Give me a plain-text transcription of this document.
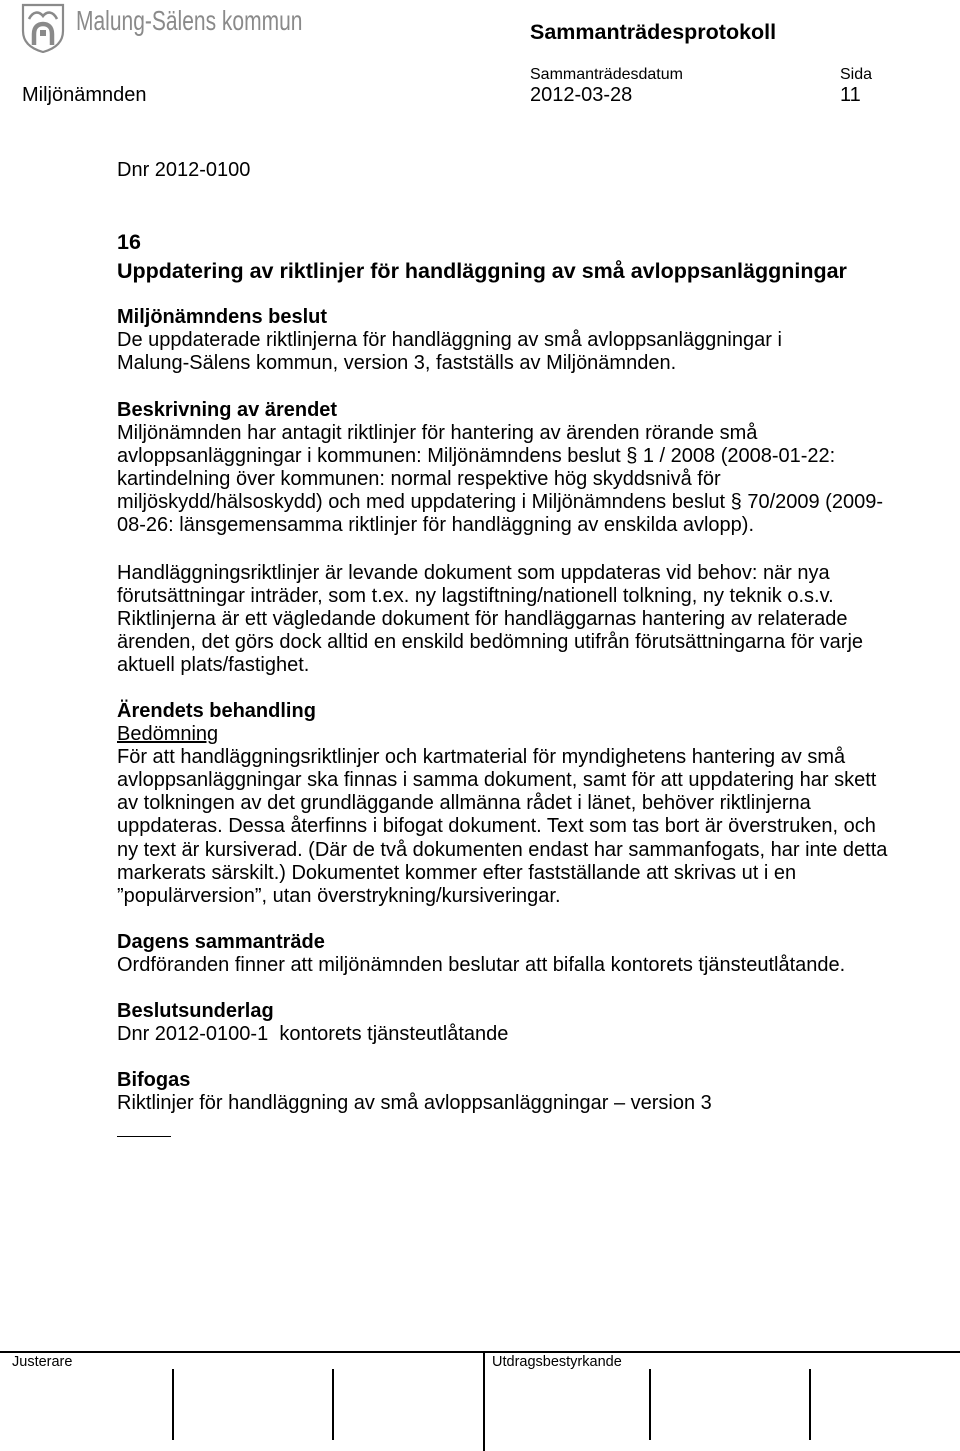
Malung-Sälens kommun	Sammanträdesprotokoll
Sammanträdesdatum	Sida
Miljönämnden	2012-03-28	11
Dnr 2012-0100
16
Uppdatering av riktlinjer för handläggning av små avloppsanläggningar
Miljönämndens beslut
De uppdaterade riktlinjerna för handläggning av små avloppsanläggningar i
Malung-Sälens kommun, version 3, fastställs av Miljönämnden.
Beskrivning av ärendet
Miljönämnden har antagit riktlinjer för hantering av ärenden rörande små
avloppsanläggningar i kommunen: Miljönämndens beslut § 1 / 2008 (2008-01-22:
kartindelning över kommunen: normal respektive hög skyddsnivå för
miljöskydd/hälsoskydd) och med uppdatering i Miljönämndens beslut § 70/2009 (2009-
08-26: länsgemensamma riktlinjer för handläggning av enskilda avlopp).
Handläggningsriktlinjer är levande dokument som uppdateras vid behov: när nya
förutsättningar inträder, som t.ex. ny lagstiftning/nationell tolkning, ny teknik o.s.v.
Riktlinjerna är ett vägledande dokument för handläggarnas hantering av relaterade
ärenden, det görs dock alltid en enskild bedömning utifrån förutsättningarna för varje
aktuell plats/fastighet.
Ärendets behandling
Bedömning
För att handläggningsriktlinjer och kartmaterial för myndighetens hantering av små
avloppsanläggningar ska finnas i samma dokument, samt för att uppdatering har skett
av tolkningen av det grundläggande allmänna rådet i länet, behöver riktlinjerna
uppdateras. Dessa återfinns i bifogat dokument. Text som tas bort är överstruken, och
ny text är kursiverad. (Där de två dokumenten endast har sammanfogats, har inte detta
markerats särskilt.) Dokumentet kommer efter fastställande att skrivas ut i en
”populärversion”, utan överstrykning/kursiveringar.
Dagens sammanträde
Ordföranden finner att miljönämnden beslutar att bifalla kontorets tjänsteutlåtande.
Beslutsunderlag
Dnr 2012-0100-1  kontorets tjänsteutlåtande
Bifogas
Riktlinjer för handläggning av små avloppsanläggningar – version 3
Justerare	Utdragsbestyrkande
